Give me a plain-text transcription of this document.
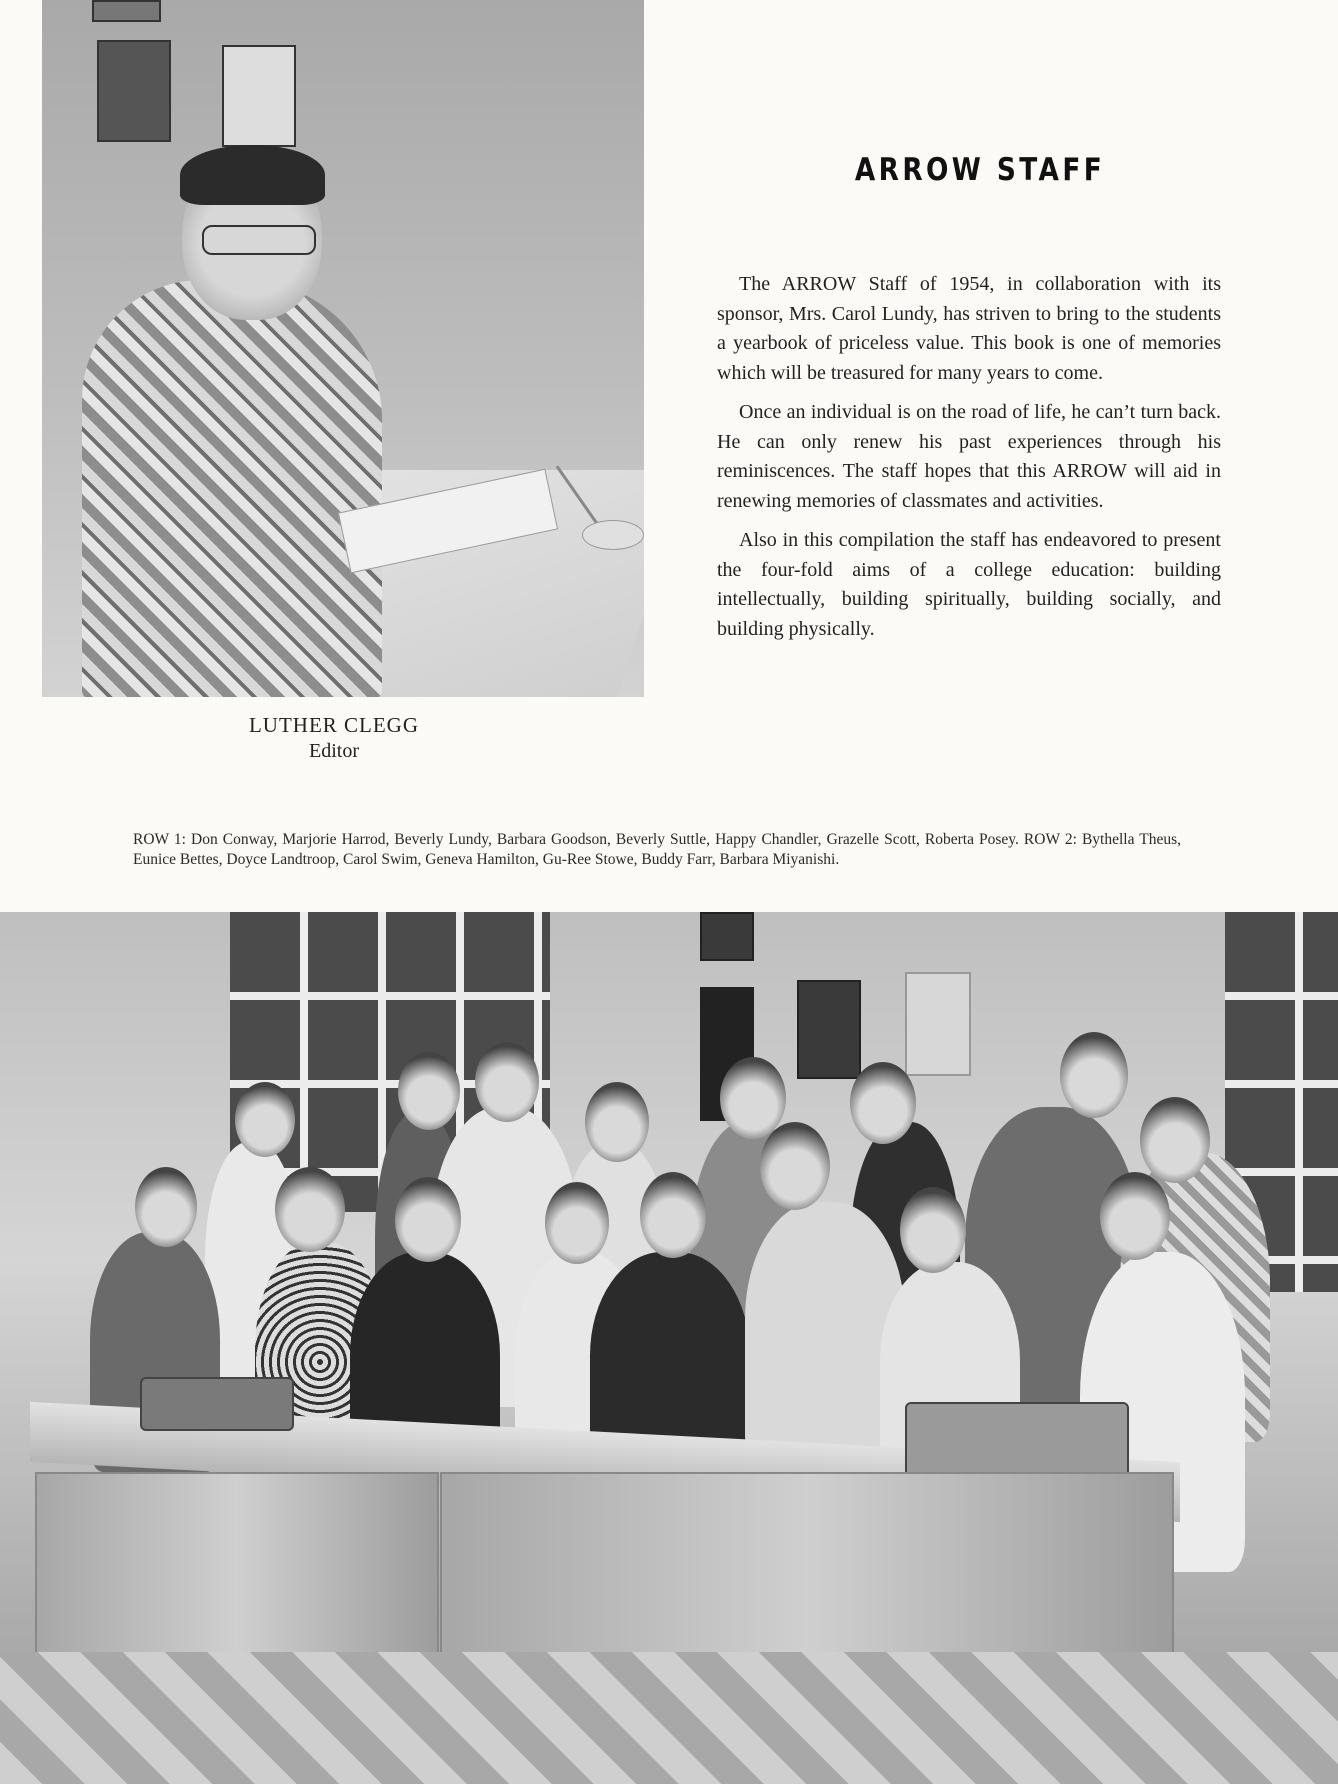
LUTHER CLEGG
Editor
ARROW STAFF

The ARROW Staff of 1954, in collaboration with its sponsor, Mrs. Carol Lundy, has striven to bring to the students a yearbook of priceless value. This book is one of memories which will be treasured for many years to come.

Once an individual is on the road of life, he can’t turn back. He can only renew his past experiences through his reminiscences. The staff hopes that this ARROW will aid in renewing memories of classmates and activities.

Also in this compilation the staff has endeavored to present the four-fold aims of a college education: building intellectually, building spiritually, building socially, and building physically.

ROW 1: Don Conway, Marjorie Harrod, Beverly Lundy, Barbara Goodson, Beverly Suttle, Happy Chandler, Grazelle Scott, Roberta Posey. ROW 2: Bythella Theus, Eunice Bettes, Doyce Landtroop, Carol Swim, Geneva Hamilton, Gu-Ree Stowe, Buddy Farr, Barbara Miyanishi.
